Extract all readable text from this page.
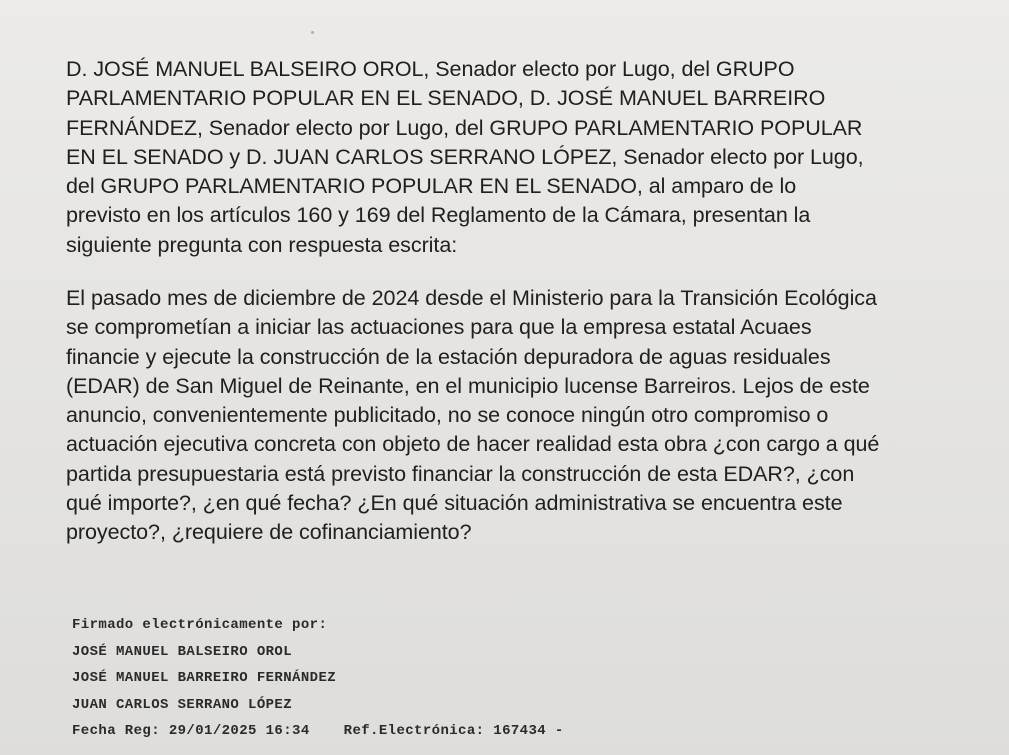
D. JOSÉ MANUEL BALSEIRO OROL, Senador electo por Lugo, del GRUPO
PARLAMENTARIO POPULAR EN EL SENADO, D. JOSÉ MANUEL BARREIRO
FERNÁNDEZ, Senador electo por Lugo, del GRUPO PARLAMENTARIO POPULAR
EN EL SENADO y D. JUAN CARLOS SERRANO LÓPEZ, Senador electo por Lugo,
del GRUPO PARLAMENTARIO POPULAR EN EL SENADO, al amparo de lo
previsto en los artículos 160 y 169 del Reglamento de la Cámara, presentan la
siguiente pregunta con respuesta escrita:
El pasado mes de diciembre de 2024 desde el Ministerio para la Transición Ecológica
se comprometían a iniciar las actuaciones para que la empresa estatal Acuaes
financie y ejecute la construcción de la estación depuradora de aguas residuales
(EDAR) de San Miguel de Reinante, en el municipio lucense Barreiros. Lejos de este
anuncio, convenientemente publicitado, no se conoce ningún otro compromiso o
actuación ejecutiva concreta con objeto de hacer realidad esta obra ¿con cargo a qué
partida presupuestaria está previsto financiar la construcción de esta EDAR?, ¿con
qué importe?, ¿en qué fecha? ¿En qué situación administrativa se encuentra este
proyecto?, ¿requiere de cofinanciamiento?
Firmado electrónicamente por:
JOSÉ MANUEL BALSEIRO OROL
JOSÉ MANUEL BARREIRO FERNÁNDEZ
JUAN CARLOS SERRANO LÓPEZ
Fecha Reg: 29/01/2025 16:34 Ref.Electrónica: 167434 -
